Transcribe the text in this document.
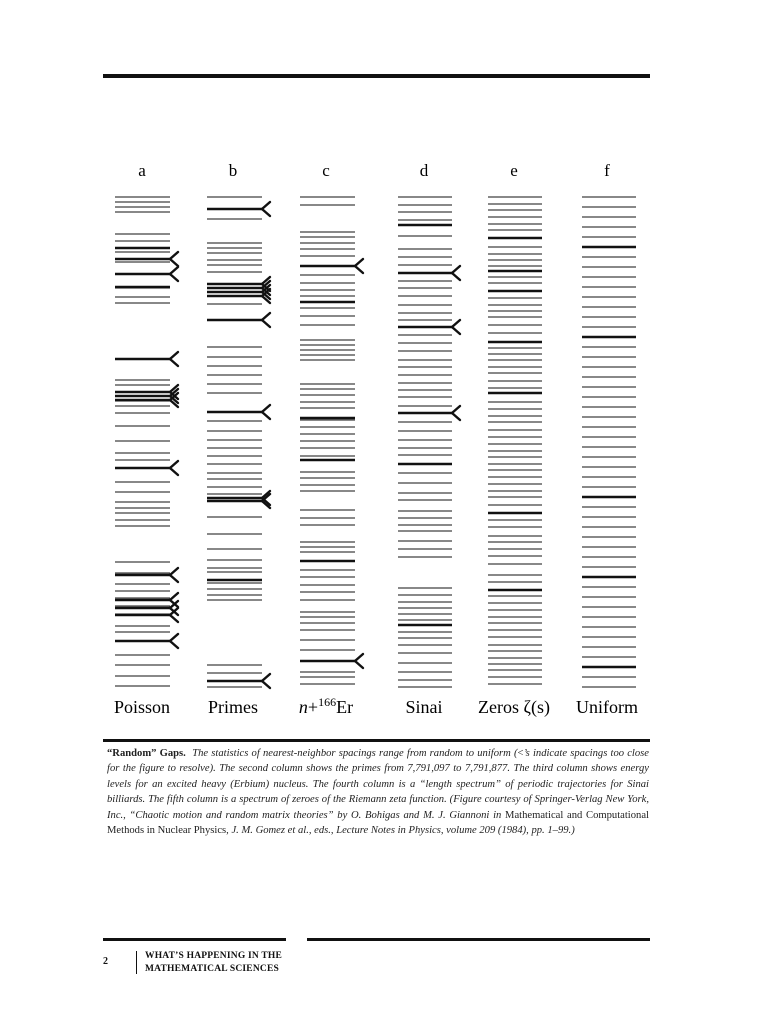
a	b	c	d	e	f
Poisson Primes n+$^{166}$Er	Sinai Zeros ζ(s) Uniform
“Random” Gaps. The statistics of nearest-neighbor spacings range from random to uniform (<’s indicate spacings too close for the figure to resolve). The second column shows the primes from 7,791,097 to 7,791,877. The third column shows energy levels for an excited heavy (Erbium) nucleus. The fourth column is a “length spectrum” of periodic trajectories for Sinai billiards. The fifth column is a spectrum of zeroes of the Riemann zeta function. (Figure courtesy of Springer-Verlag New York, Inc., “Chaotic motion and random matrix theories” by O. Bohigas and M. J. Giannoni in Mathematical and Computational Methods in Nuclear Physics, J. M. Gomez et al., eds., Lecture Notes in Physics, volume 209 (1984), pp. 1–99.)
2	WHAT’S HAPPENING IN THE
MATHEMATICAL SCIENCES
